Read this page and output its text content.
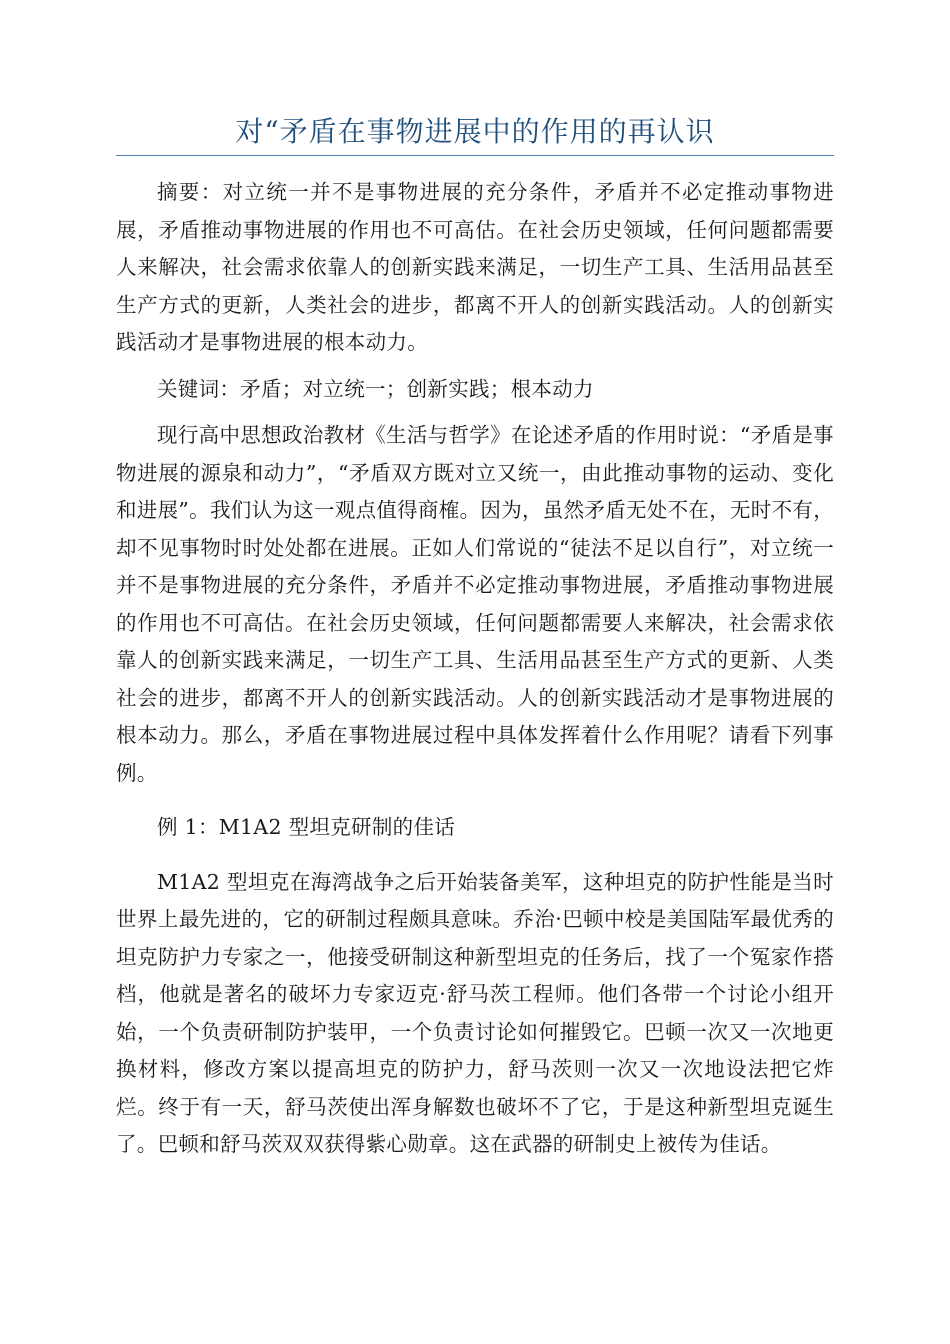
对“矛盾在事物进展中的作用的再认识

摘要：对立统一并不是事物进展的充分条件，矛盾并不必定推动事物进展，矛盾推动事物进展的作用也不可高估。在社会历史领域，任何问题都需要人来解决，社会需求依靠人的创新实践来满足，一切生产工具、生活用品甚至生产方式的更新，人类社会的进步，都离不开人的创新实践活动。人的创新实践活动才是事物进展的根本动力。

关键词：矛盾；对立统一；创新实践；根本动力

现行高中思想政治教材《生活与哲学》在论述矛盾的作用时说：“矛盾是事物进展的源泉和动力”，“矛盾双方既对立又统一，由此推动事物的运动、变化和进展”。我们认为这一观点值得商榷。因为，虽然矛盾无处不在，无时不有，却不见事物时时处处都在进展。正如人们常说的“徒法不足以自行”，对立统一并不是事物进展的充分条件，矛盾并不必定推动事物进展，矛盾推动事物进展的作用也不可高估。在社会历史领域，任何问题都需要人来解决，社会需求依靠人的创新实践来满足，一切生产工具、生活用品甚至生产方式的更新、人类社会的进步，都离不开人的创新实践活动。人的创新实践活动才是事物进展的根本动力。那么，矛盾在事物进展过程中具体发挥着什么作用呢？请看下列事例。

例 1：M1A2 型坦克研制的佳话

M1A2 型坦克在海湾战争之后开始装备美军，这种坦克的防护性能是当时世界上最先进的，它的研制过程颇具意味。乔治·巴顿中校是美国陆军最优秀的坦克防护力专家之一，他接受研制这种新型坦克的任务后，找了一个冤家作搭档，他就是著名的破坏力专家迈克·舒马茨工程师。他们各带一个讨论小组开始，一个负责研制防护装甲，一个负责讨论如何摧毁它。巴顿一次又一次地更换材料，修改方案以提高坦克的防护力，舒马茨则一次又一次地设法把它炸烂。终于有一天，舒马茨使出浑身解数也破坏不了它，于是这种新型坦克诞生了。巴顿和舒马茨双双获得紫心勋章。这在武器的研制史上被传为佳话。
